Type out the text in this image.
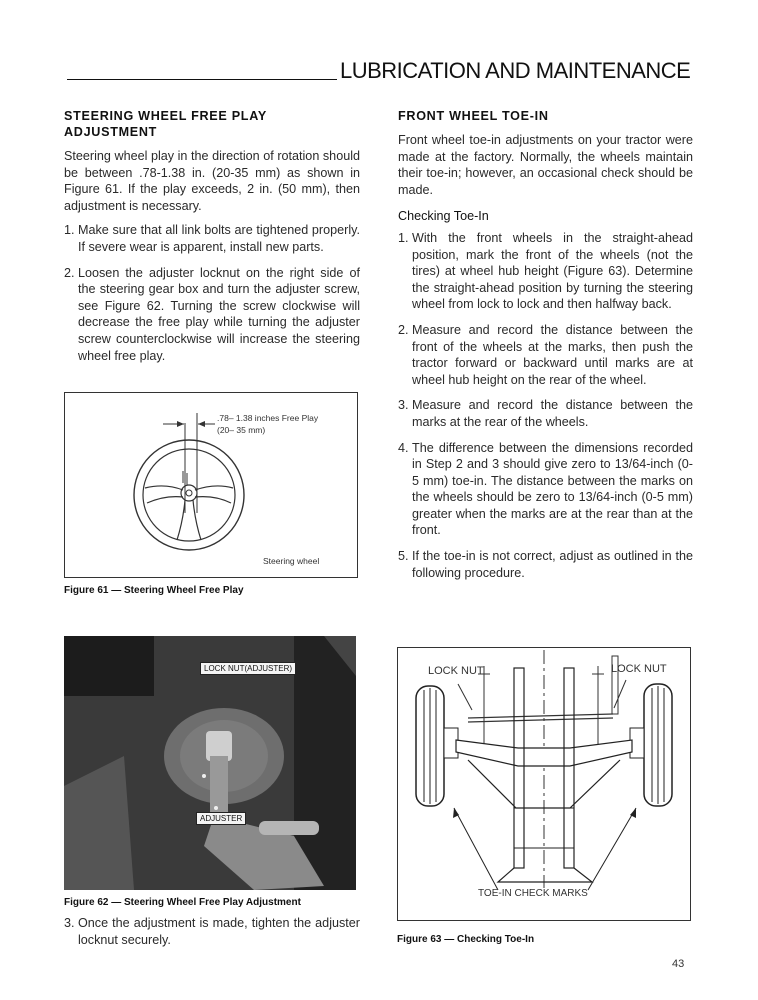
LUBRICATION AND MAINTENANCE
STEERING WHEEL FREE PLAY ADJUSTMENT

Steering wheel play in the direction of rotation should be between .78-1.38 in. (20-35 mm) as shown in Figure 61. If the play exceeds, 2 in. (50 mm), then adjustment is necessary.

1. Make sure that all link bolts are tightened properly. If severe wear is apparent, install new parts.
2. Loosen the adjuster locknut on the right side of the steering gear box and turn the adjuster screw, see Figure 62. Turning the screw clockwise will decrease the free play while turning the adjuster screw counterclockwise will increase the steering wheel free play.
.78– 1.38 inches Free Play
(20– 35 mm)
Steering wheel
Figure 61 — Steering Wheel Free Play
LOCK NUT(ADJUSTER)
ADJUSTER
Figure 62 — Steering Wheel Free Play Adjustment
3. Once the adjustment is made, tighten the adjuster locknut securely.
FRONT WHEEL TOE-IN

Front wheel toe-in adjustments on your tractor were made at the factory. Normally, the wheels maintain their toe-in; however, an occasional check should be made.

Checking Toe-In
1. With the front wheels in the straight-ahead position, mark the front of the wheels (not the tires) at wheel hub height (Figure 63). Determine the straight-ahead position by turning the steering wheel from lock to lock and then halfway back.
2. Measure and record the distance between the front of the wheels at the marks, then push the tractor forward or backward until marks are at wheel hub height on the rear of the wheel.
3. Measure and record the distance between the marks at the rear of the wheels.
4. The difference between the dimensions recorded in Step 2 and 3 should give zero to 13/64-inch (0-5 mm) toe-in. The distance between the marks on the wheels should be zero to 13/64-inch (0-5 mm) greater when the marks are at the rear than at the front.
5. If the toe-in is not correct, adjust as outlined in the following procedure.
LOCK NUT	LOCK NUT
TOE-IN CHECK MARKS
Figure 63 — Checking Toe-In
43
